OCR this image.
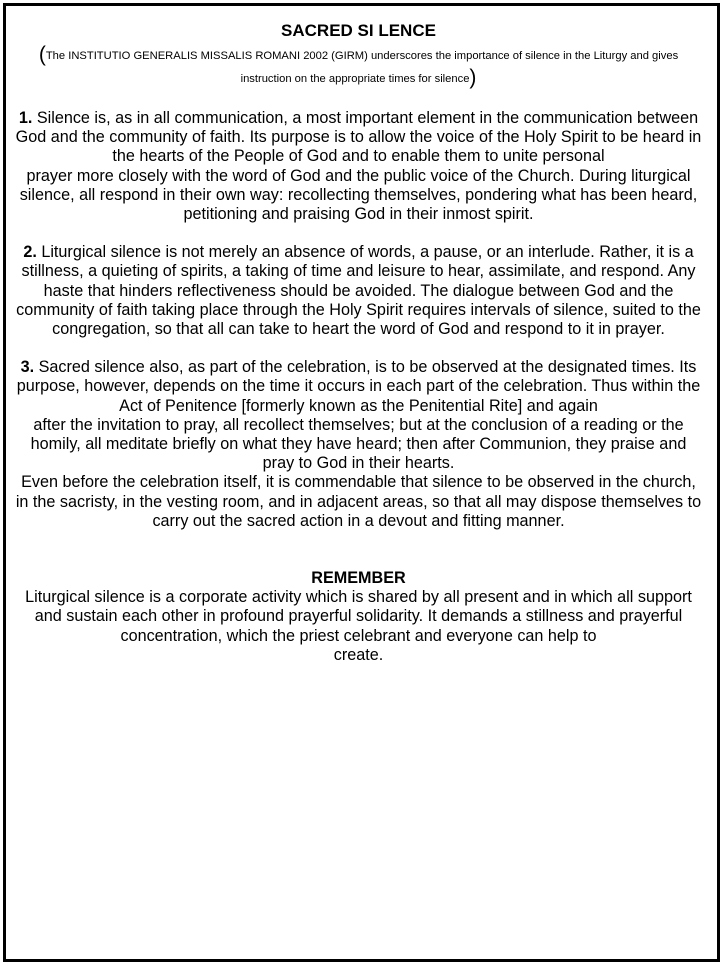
SACRED SI LENCE

(The INSTITUTIO GENERALIS MISSALIS ROMANI 2002 (GIRM) underscores the importance of silence in the Liturgy and gives instruction on the appropriate times for silence)

1. Silence is, as in all communication, a most important element in the communication between God and the community of faith. Its purpose is to allow the voice of the Holy Spirit to be heard in the hearts of the People of God and to enable them to unite personal
prayer more closely with the word of God and the public voice of the Church. During liturgical silence, all respond in their own way: recollecting themselves, pondering what has been heard, petitioning and praising God in their inmost spirit.

2. Liturgical silence is not merely an absence of words, a pause, or an interlude. Rather, it is a stillness, a quieting of spirits, a taking of time and leisure to hear, assimilate, and respond. Any haste that hinders reflectiveness should be avoided. The dialogue between God and the community of faith taking place through the Holy Spirit requires intervals of silence, suited to the congregation, so that all can take to heart the word of God and respond to it in prayer.

3. Sacred silence also, as part of the celebration, is to be observed at the designated times. Its purpose, however, depends on the time it occurs in each part of the celebration. Thus within the Act of Penitence [formerly known as the Penitential Rite] and again
after the invitation to pray, all recollect themselves; but at the conclusion of a reading or the homily, all meditate briefly on what they have heard; then after Communion, they praise and pray to God in their hearts.
Even before the celebration itself, it is commendable that silence to be observed in the church, in the sacristy, in the vesting room, and in adjacent areas, so that all may dispose themselves to carry out the sacred action in a devout and fitting manner.

REMEMBER

Liturgical silence is a corporate activity which is shared by all present and in which all support and sustain each other in profound prayerful solidarity. It demands a stillness and prayerful concentration, which the priest celebrant and everyone can help to
create.
